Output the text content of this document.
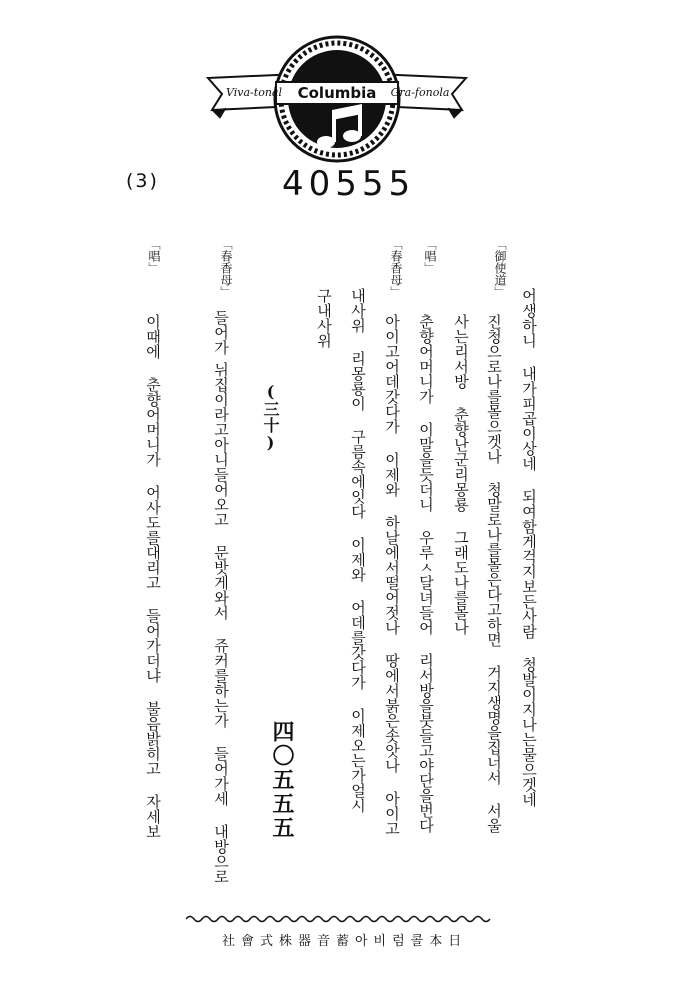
Viva-tonal Columbia Gra-fonola
(3)	40555
「御使道」
「唱」
「春香母」
「春香母」
「唱」
어생하니 내가피곱이상네 되여함게걱지보든사람 청발이지나는물으겟네
진청으로나를몰으겟나 청말로나를몰은다고하면 거지생명을집너서 서울
사는리서방 춘향난군리몽룡 그래도나를몰나
춘향어머니가 이말을듯더니 우루ㅅ달녀들어 리서방을붓들고야단을번다
아이고어데갓다가 이제와 하날에서떨어젓나 땅에서붉은솟앗나 아이고
내사위 리몽룡이 구름속에잇다 이제와 어데를갓다가 이제오는가얼시
구내사위
(三十)
四〇五五五
들어가
뉘집이라고아니들어오고 문밧게와서 쥬커를하는가 들어가세 내방으로
이때에 춘향어머니가 어사도를대리고 들어가더냐 불음밝히고 자세보
社會式株器音蓄아비럼콜本日
